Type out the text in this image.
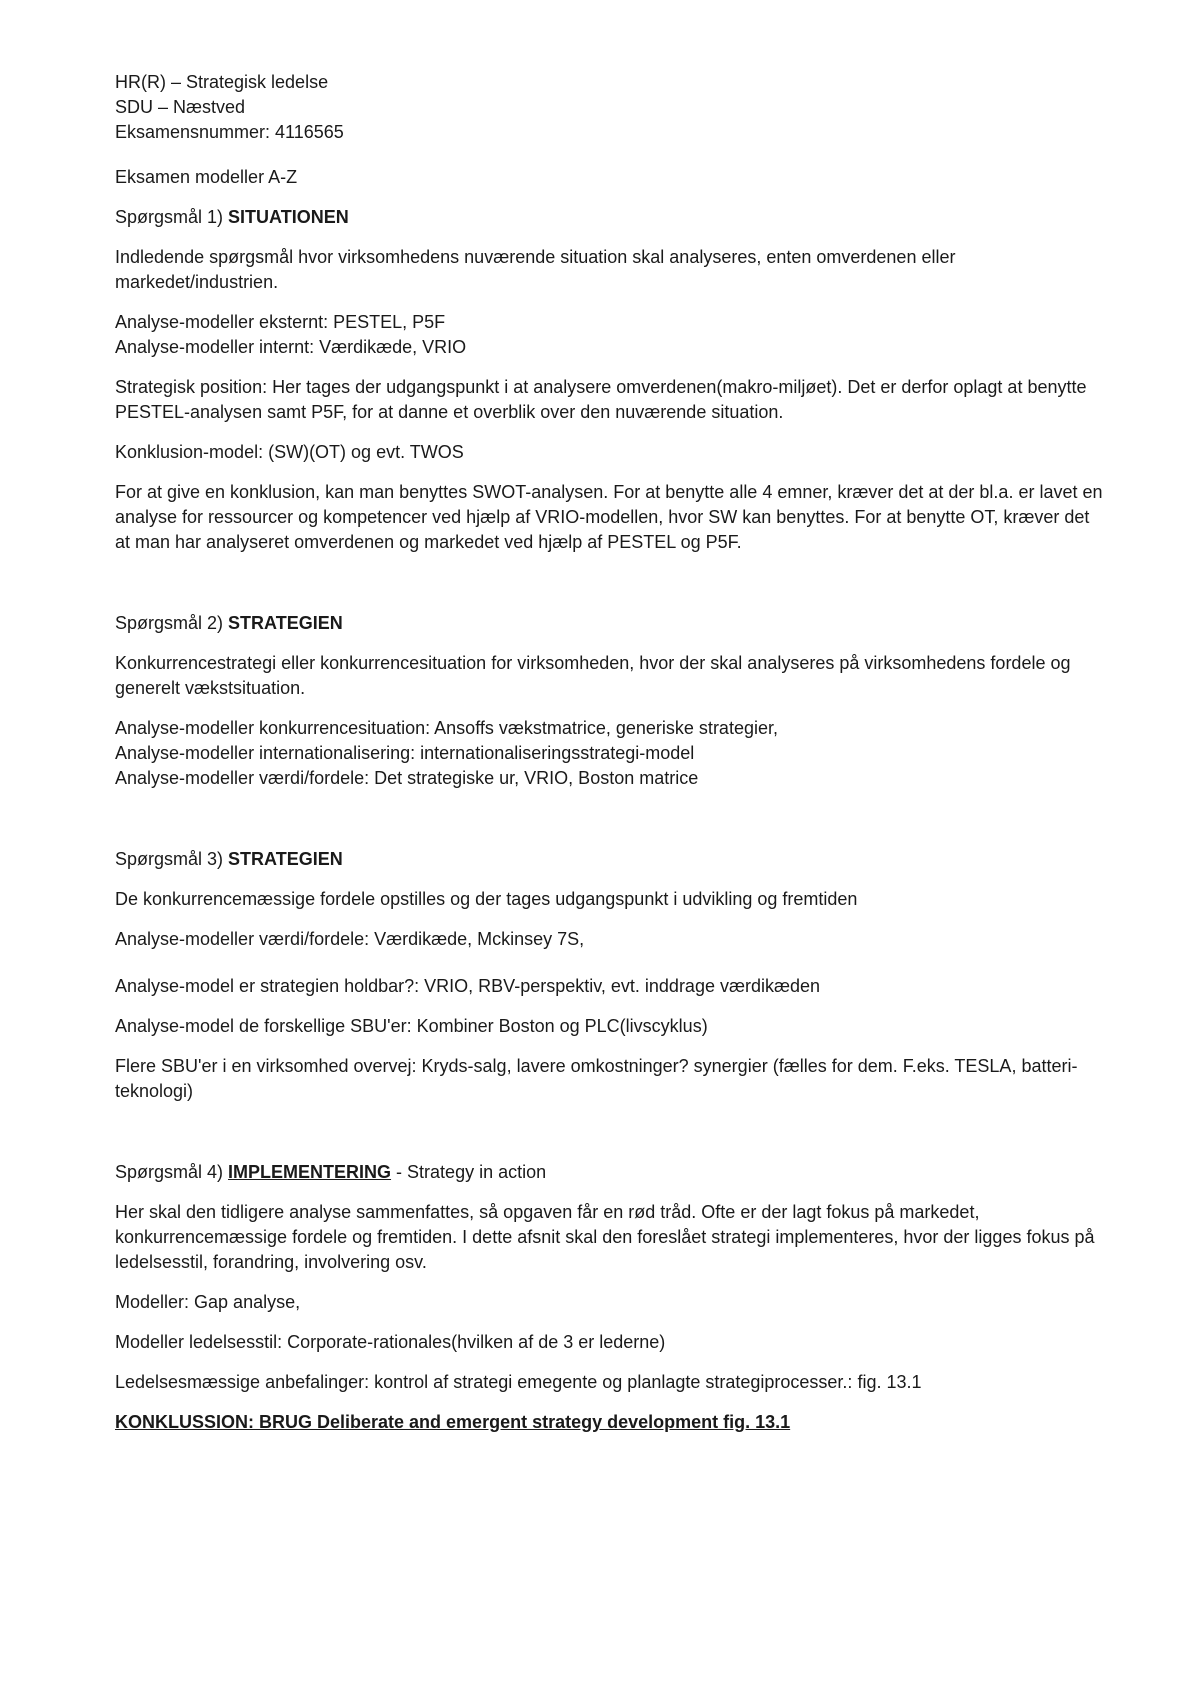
HR(R) – Strategisk ledelse

SDU – Næstved

Eksamensnummer: 4116565

Eksamen modeller A-Z

Spørgsmål 1) SITUATIONEN

Indledende spørgsmål hvor virksomhedens nuværende situation skal analyseres, enten omverdenen eller markedet/industrien.

Analyse-modeller eksternt: PESTEL, P5F

Analyse-modeller internt: Værdikæde, VRIO

Strategisk position: Her tages der udgangspunkt i at analysere omverdenen(makro-miljøet). Det er derfor oplagt at benytte PESTEL-analysen samt P5F, for at danne et overblik over den nuværende situation.

Konklusion-model: (SW)(OT) og evt. TWOS

For at give en konklusion, kan man benyttes SWOT-analysen. For at benytte alle 4 emner, kræver det at der bl.a. er lavet en analyse for ressourcer og kompetencer ved hjælp af VRIO-modellen, hvor SW kan benyttes. For at benytte OT, kræver det at man har analyseret omverdenen og markedet ved hjælp af PESTEL og P5F.

Spørgsmål 2) STRATEGIEN

Konkurrencestrategi eller konkurrencesituation for virksomheden, hvor der skal analyseres på virksomhedens fordele og generelt vækstsituation.

Analyse-modeller konkurrencesituation: Ansoffs vækstmatrice, generiske strategier,

Analyse-modeller internationalisering: internationaliseringsstrategi-model

Analyse-modeller værdi/fordele: Det strategiske ur, VRIO, Boston matrice

Spørgsmål 3) STRATEGIEN

De konkurrencemæssige fordele opstilles og der tages udgangspunkt i udvikling og fremtiden

Analyse-modeller værdi/fordele: Værdikæde, Mckinsey 7S,

Analyse-model er strategien holdbar?: VRIO, RBV-perspektiv, evt. inddrage værdikæden

Analyse-model de forskellige SBU'er: Kombiner Boston og PLC(livscyklus)

Flere SBU'er i en virksomhed overvej: Kryds-salg, lavere omkostninger? synergier (fælles for dem. F.eks. TESLA, batteri-teknologi)

Spørgsmål 4) IMPLEMENTERING - Strategy in action

Her skal den tidligere analyse sammenfattes, så opgaven får en rød tråd. Ofte er der lagt fokus på markedet, konkurrencemæssige fordele og fremtiden. I dette afsnit skal den foreslået strategi implementeres, hvor der ligges fokus på ledelsesstil, forandring, involvering osv.

Modeller: Gap analyse,

Modeller ledelsesstil: Corporate-rationales(hvilken af de 3 er lederne)

Ledelsesmæssige anbefalinger: kontrol af strategi emegente og planlagte strategiprocesser.: fig. 13.1

KONKLUSSION: BRUG Deliberate and emergent strategy development fig. 13.1
